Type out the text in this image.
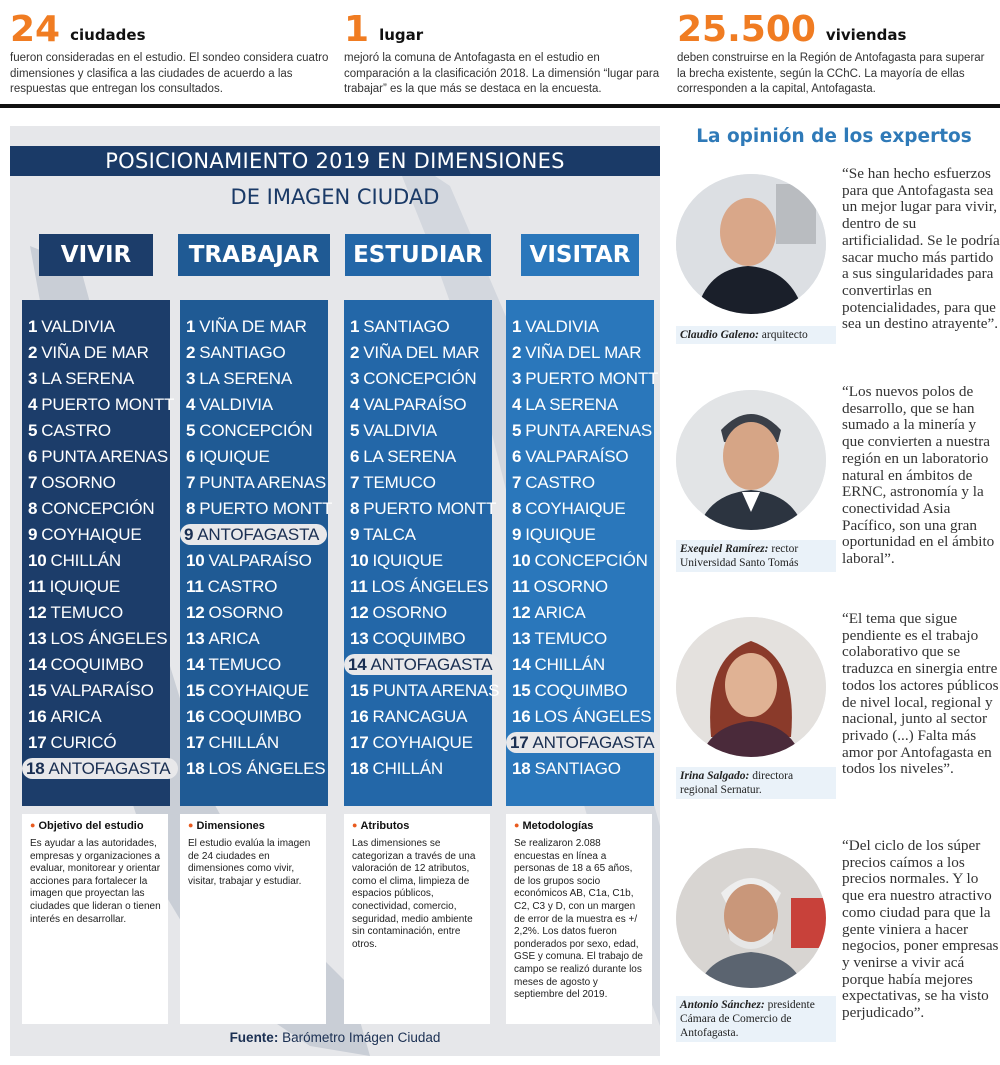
24 ciudades
fueron consideradas en el estudio. El sondeo considera cuatro dimensiones y clasifica a las ciudades de acuerdo a las respuestas que entregan los consultados.
1 lugar
mejoró la comuna de Antofagasta en el estudio en comparación a la clasificación 2018. La dimensión “lugar para trabajar” es la que más se destaca en la encuesta.
25.500 viviendas
deben construirse en la Región de Antofagasta para superar la brecha existente, según la CChC. La mayoría de ellas corresponden a la capital, Antofagasta.
POSICIONAMIENTO 2019 EN DIMENSIONES
DE IMAGEN CIUDAD
VIVIR
1 VALDIVIA
2 VIÑA DE MAR
3 LA SERENA
4 PUERTO MONTT
5 CASTRO
6 PUNTA ARENAS
7 OSORNO
8 CONCEPCIÓN
9 COYHAIQUE
10 CHILLÁN
11 IQUIQUE
12 TEMUCO
13 LOS ÁNGELES
14 COQUIMBO
15 VALPARAÍSO
16 ARICA
17 CURICÓ
18 ANTOFAGASTA
TRABAJAR
1 VIÑA DE MAR
2 SANTIAGO
3 LA SERENA
4 VALDIVIA
5 CONCEPCIÓN
6 IQUIQUE
7 PUNTA ARENAS
8 PUERTO MONTT
9 ANTOFAGASTA
10 VALPARAÍSO
11 CASTRO
12 OSORNO
13 ARICA
14 TEMUCO
15 COYHAIQUE
16 COQUIMBO
17 CHILLÁN
18 LOS ÁNGELES
ESTUDIAR
1 SANTIAGO
2 VIÑA DEL MAR
3 CONCEPCIÓN
4 VALPARAÍSO
5 VALDIVIA
6 LA SERENA
7 TEMUCO
8 PUERTO MONTT
9 TALCA
10 IQUIQUE
11 LOS ÁNGELES
12 OSORNO
13 COQUIMBO
14 ANTOFAGASTA
15 PUNTA ARENAS
16 RANCAGUA
17 COYHAIQUE
18 CHILLÁN
VISITAR
1 VALDIVIA
2 VIÑA DEL MAR
3 PUERTO MONTT
4 LA SERENA
5 PUNTA ARENAS
6 VALPARAÍSO
7 CASTRO
8 COYHAIQUE
9 IQUIQUE
10 CONCEPCIÓN
11 OSORNO
12 ARICA
13 TEMUCO
14 CHILLÁN
15 COQUIMBO
16 LOS ÁNGELES
17 ANTOFAGASTA
18 SANTIAGO
● Objetivo del estudio
Es ayudar a las autoridades, empresas y organizaciones a evaluar, monitorear y orientar acciones para fortalecer la imagen que proyectan las ciudades que lideran o tienen interés en desarrollar.
● Dimensiones
El estudio evalúa la imagen de 24 ciudades en dimensiones como vivir, visitar, trabajar y estudiar.
● Atributos
Las dimensiones se categorizan a través de una valoración de 12 atributos, como el clima, limpieza de espacios públicos, conectividad, comercio, seguridad, medio ambiente sin contaminación, entre otros.
● Metodologías
Se realizaron 2.088 encuestas en línea a personas de 18 a 65 años, de los grupos socio económicos AB, C1a, C1b, C2, C3 y D, con un margen de error de la muestra es +/ 2,2%. Los datos fueron ponderados por sexo, edad, GSE y comuna. El trabajo de campo se realizó durante los meses de agosto y septiembre del 2019.
Fuente: Barómetro Imágen Ciudad
La opinión de los expertos
Claudio Galeno: arquitecto
“Se han hecho esfuerzos para que Antofagasta sea un mejor lugar para vivir, dentro de su artificialidad. Se le podría sacar mucho más partido a sus singularidades para convertirlas en potencialidades, para que sea un destino atrayente”.
Exequiel Ramírez: rector Universidad Santo Tomás
“Los nuevos polos de desarrollo, que se han sumado a la minería y que convierten a nuestra región en un laboratorio natural en ámbitos de ERNC, astronomía y la conectividad Asia Pacífico, son una gran oportunidad en el ámbito laboral”.
Irina Salgado: directora regional Sernatur.
“El tema que sigue pendiente es el trabajo colaborativo que se traduzca en sinergia entre todos los actores públicos de nivel local, regional y nacional, junto al sector privado (...) Falta más amor por Antofagasta en todos los niveles”.
Antonio Sánchez: presidente Cámara de Comercio de Antofagasta.
“Del ciclo de los súper precios caímos a los precios normales. Y lo que era nuestro atractivo como ciudad para que la gente viniera a hacer negocios, poner empresas y venirse a vivir acá porque había mejores expectativas, se ha visto perjudicado”.
